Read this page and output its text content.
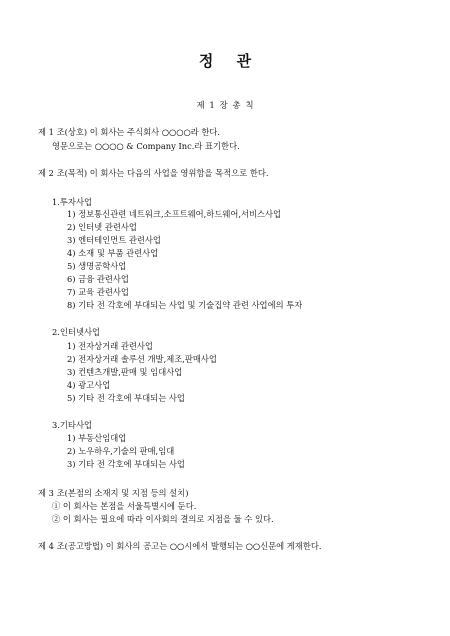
정 관
제 1 장 총 칙
제 1 조(상호) 이 회사는 주식회사 ○○○○라 한다.
영문으로는 ○○○○ & Company Inc.라 표기한다.
제 2 조(목적) 이 회사는 다음의 사업을 영위함을 목적으로 한다.
1.투자사업
1) 정보통신관련 네트워크,소프트웨어,하드웨어,서비스사업
2) 인터넷 관련사업
3) 엔터테인먼트 관련사업
4) 소재 및 부품 관련사업
5) 생명공학사업
6) 금융 관련사업
7) 교육 관련사업
8) 기타 전 각호에 부대되는 사업 및 기술집약 관련 사업에의 투자
2.인터넷사업
1) 전자상거래 관련사업
2) 전자상거래 솔루션 개발,제조,판매사업
3) 컨텐츠개발,판매 및 임대사업
4) 광고사업
5) 기타 전 각호에 부대되는 사업
3.기타사업
1) 부동산임대업
2) 노우하우,기술의 판매,임대
3) 기타 전 각호에 부대되는 사업
제 3 조(본점의 소재지 및 지점 등의 설치)
① 이 회사는 본점을 서울특별시에 둔다.
② 이 회사는 필요에 따라 이사회의 결의로 지점을 둘 수 있다.
제 4 조(공고방법) 이 회사의 공고는 ○○시에서 발행되는 ○○신문에 게재한다.
